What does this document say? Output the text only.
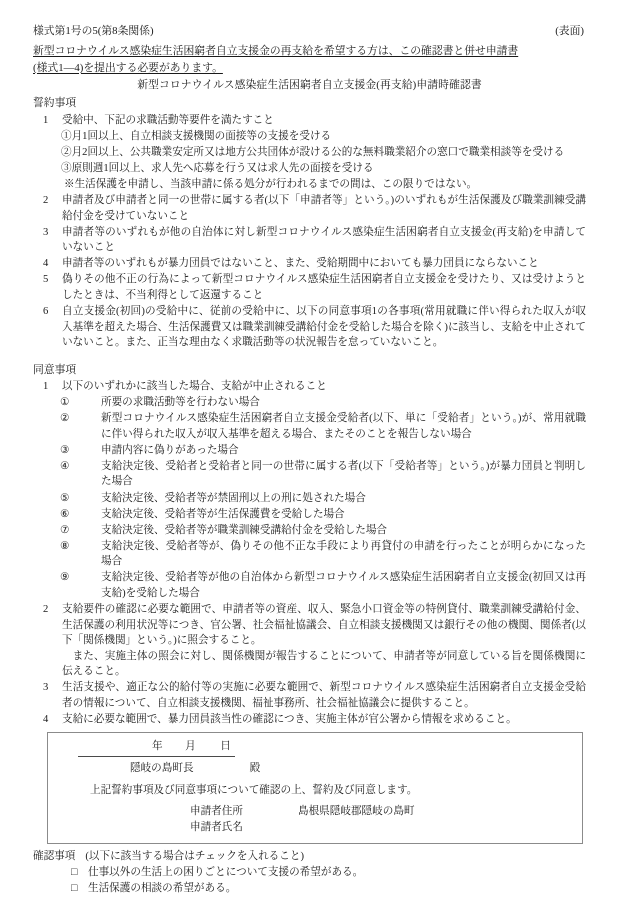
様式第1号の5(第8条関係)	(表面)
新型コロナウイルス感染症生活困窮者自立支援金の再支給を希望する方は、この確認書と併せ申請書
(様式1―4)を提出する必要があります。
新型コロナウイルス感染症生活困窮者自立支援金(再支給)申請時確認書
誓約事項
1	受給中、下記の求職活動等要件を満たすこと

①月1回以上、自立相談支援機関の面接等の支援を受ける
②月2回以上、公共職業安定所又は地方公共団体が設ける公的な無料職業紹介の窓口で職業相談等を受ける
③原則週1回以上、求人先へ応募を行う又は求人先の面接を受ける
※生活保護を申請し、当該申請に係る処分が行われるまでの間は、この限りではない。
2	申請者及び申請者と同一の世帯に属する者(以下「申請者等」という。)のいずれもが生活保護及び職業訓練受講給付金を受けていないこと

3	申請者等のいずれもが他の自治体に対し新型コロナウイルス感染症生活困窮者自立支援金(再支給)を申請していないこと

4	申請者等のいずれもが暴力団員ではないこと、また、受給期間中においても暴力団員にならないこと

5	偽りその他不正の行為によって新型コロナウイルス感染症生活困窮者自立支援金を受けたり、又は受けようとしたときは、不当利得として返還すること

6	自立支援金(初回)の受給中に、従前の受給中に、以下の同意事項1の各事項(常用就職に伴い得られた収入が収入基準を超えた場合、生活保護費又は職業訓練受講給付金を受給した場合を除く)に該当し、支給を中止されていないこと。また、正当な理由なく求職活動等の状況報告を怠っていないこと。

同意事項
1	以下のいずれかに該当した場合、支給が中止されること

①	所要の求職活動等を行わない場合
②	新型コロナウイルス感染症生活困窮者自立支援金受給者(以下、単に「受給者」という。)が、常用就職に伴い得られた収入が収入基準を超える場合、またそのことを報告しない場合
③	申請内容に偽りがあった場合
④	支給決定後、受給者と受給者と同一の世帯に属する者(以下「受給者等」という。)が暴力団員と判明した場合
⑤	支給決定後、受給者等が禁固刑以上の刑に処された場合
⑥	支給決定後、受給者等が生活保護費を受給した場合
⑦	支給決定後、受給者等が職業訓練受講給付金を受給した場合
⑧	支給決定後、受給者等が、偽りその他不正な手段により再貸付の申請を行ったことが明らかになった場合
⑨	支給決定後、受給者等が他の自治体から新型コロナウイルス感染症生活困窮者自立支援金(初回又は再支給)を受給した場合
2	支給要件の確認に必要な範囲で、申請者等の資産、収入、緊急小口資金等の特例貸付、職業訓練受講給付金、生活保護の利用状況等につき、官公署、社会福祉協議会、自立相談支援機関又は銀行その他の機関、関係者(以下「関係機関」という。)に照会すること。

また、実施主体の照会に対し、関係機関が報告することについて、申請者等が同意している旨を関係機関に伝えること。

3	生活支援や、適正な公的給付等の実施に必要な範囲で、新型コロナウイルス感染症生活困窮者自立支援金受給者の情報について、自立相談支援機関、福祉事務所、社会福祉協議会に提供すること。

4	支給に必要な範囲で、暴力団員該当性の確認につき、実施主体が官公署から情報を求めること。

年 月 日
隠岐の島町長	殿
上記誓約事項及び同意事項について確認の上、誓約及び同意します。
申請者住所	島根県隠岐郡隠岐の島町
申請者氏名
確認事項 (以下に該当する場合はチェックを入れること)
□ 仕事以外の生活上の困りごとについて支援の希望がある。
□ 生活保護の相談の希望がある。
